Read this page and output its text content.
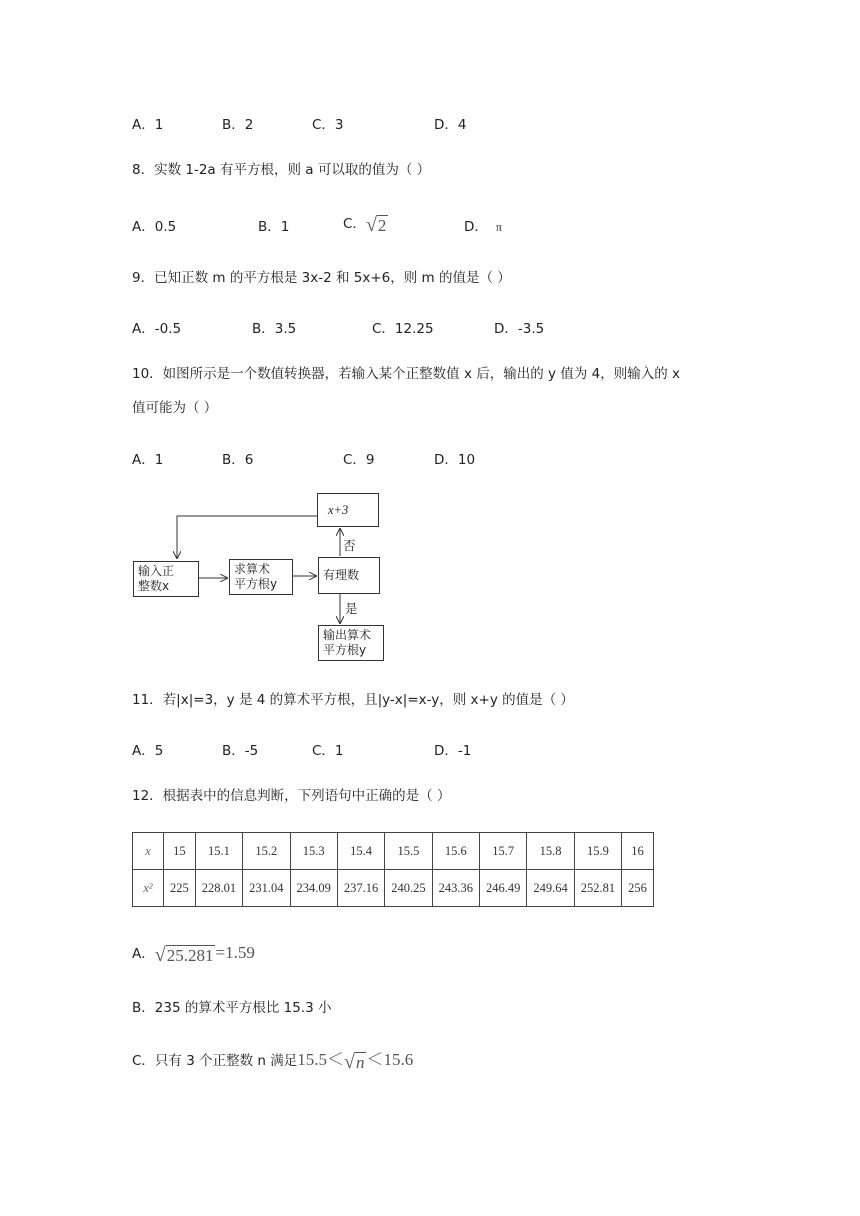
A．1	B．2	C．3	D．4
8．实数 1-2a 有平方根，则 a 可以取的值为（ ）
A．0.5	B．1	C． √ 2	D． π
9．已知正数 m 的平方根是 3x-2 和 5x+6，则 m 的值是（ ）
A．-0.5	B．3.5	C．12.25	D．-3.5
10．如图所示是一个数值转换器，若输入某个正整数值 x 后，输出的 y 值为 4，则输入的 x
值可能为（ ）
A．1	B．6	C．9	D．10
x+3
输入正
整数x
求算术
平方根y
有理数
输出算术
平方根y
否
是
11．若|x|=3，y 是 4 的算术平方根，且|y-x|=x-y，则 x+y 的值是（ ）
A．5	B．-5	C．1	D．-1
12．根据表中的信息判断，下列语句中正确的是（ ）
x	15	15.1	15.2	15.3	15.4	15.5	15.6	15.7	15.8	15.9	16
x²	225	228.01	231.04	234.09	237.16	240.25	243.36	246.49	249.64	252.81	256
A． √ 25.281 =1.59
B．235 的算术平方根比 15.3 小
C．只有 3 个正整数 n 满足15.5＜ √ n ＜15.6
